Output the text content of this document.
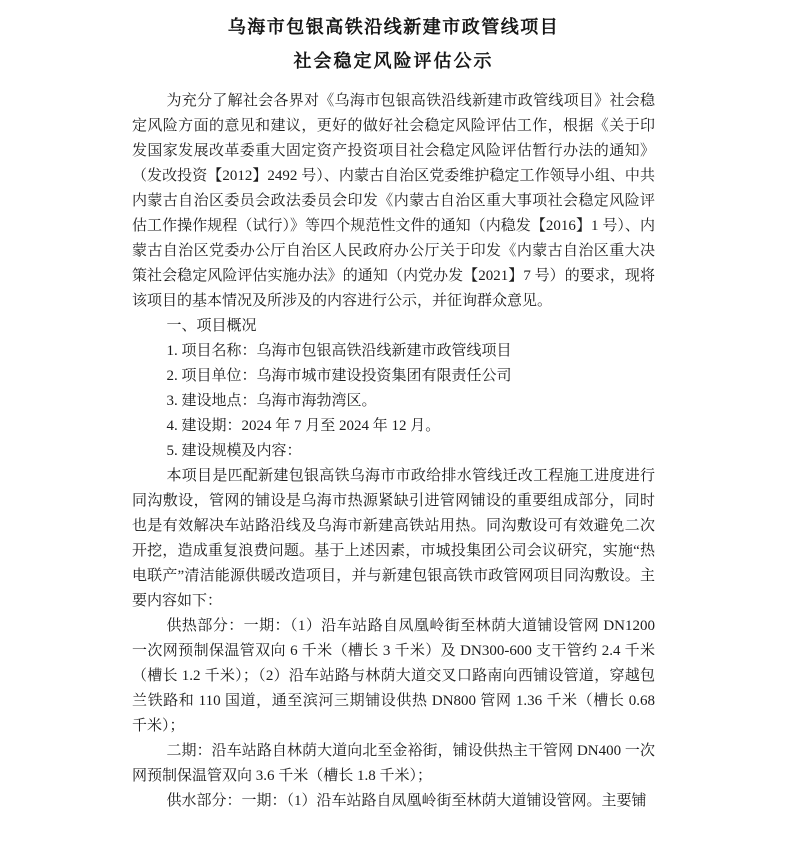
乌海市包银高铁沿线新建市政管线项目

社会稳定风险评估公示

为充分了解社会各界对《乌海市包银高铁沿线新建市政管线项目》社会稳定风险方面的意见和建议，更好的做好社会稳定风险评估工作，根据《关于印发国家发展改革委重大固定资产投资项目社会稳定风险评估暂行办法的通知》（发改投资【2012】2492 号）、内蒙古自治区党委维护稳定工作领导小组、中共内蒙古自治区委员会政法委员会印发《内蒙古自治区重大事项社会稳定风险评估工作操作规程（试行）》等四个规范性文件的通知（内稳发【2016】1 号）、内蒙古自治区党委办公厅自治区人民政府办公厅关于印发《内蒙古自治区重大决策社会稳定风险评估实施办法》的通知（内党办发【2021】7 号）的要求，现将该项目的基本情况及所涉及的内容进行公示，并征询群众意见。

一、项目概况

1. 项目名称：乌海市包银高铁沿线新建市政管线项目

2. 项目单位：乌海市城市建设投资集团有限责任公司

3. 建设地点：乌海市海勃湾区。

4. 建设期：2024 年 7 月至 2024 年 12 月。

5. 建设规模及内容：

本项目是匹配新建包银高铁乌海市市政给排水管线迁改工程施工进度进行同沟敷设，管网的铺设是乌海市热源紧缺引进管网铺设的重要组成部分，同时也是有效解决车站路沿线及乌海市新建高铁站用热。同沟敷设可有效避免二次开挖，造成重复浪费问题。基于上述因素，市城投集团公司会议研究，实施“热电联产”清洁能源供暖改造项目，并与新建包银高铁市政管网项目同沟敷设。主要内容如下：

供热部分：一期：（1）沿车站路自凤凰岭街至林荫大道铺设管网 DN1200 一次网预制保温管双向 6 千米（槽长 3 千米）及 DN300-600 支干管约 2.4 千米（槽长 1.2 千米）；（2）沿车站路与林荫大道交叉口路南向西铺设管道，穿越包兰铁路和 110 国道，通至滨河三期铺设供热 DN800 管网 1.36 千米（槽长 0.68 千米）；

二期：沿车站路自林荫大道向北至金裕街，铺设供热主干管网 DN400 一次网预制保温管双向 3.6 千米（槽长 1.8 千米）；

供水部分：一期：（1）沿车站路自凤凰岭街至林荫大道铺设管网。主要铺
